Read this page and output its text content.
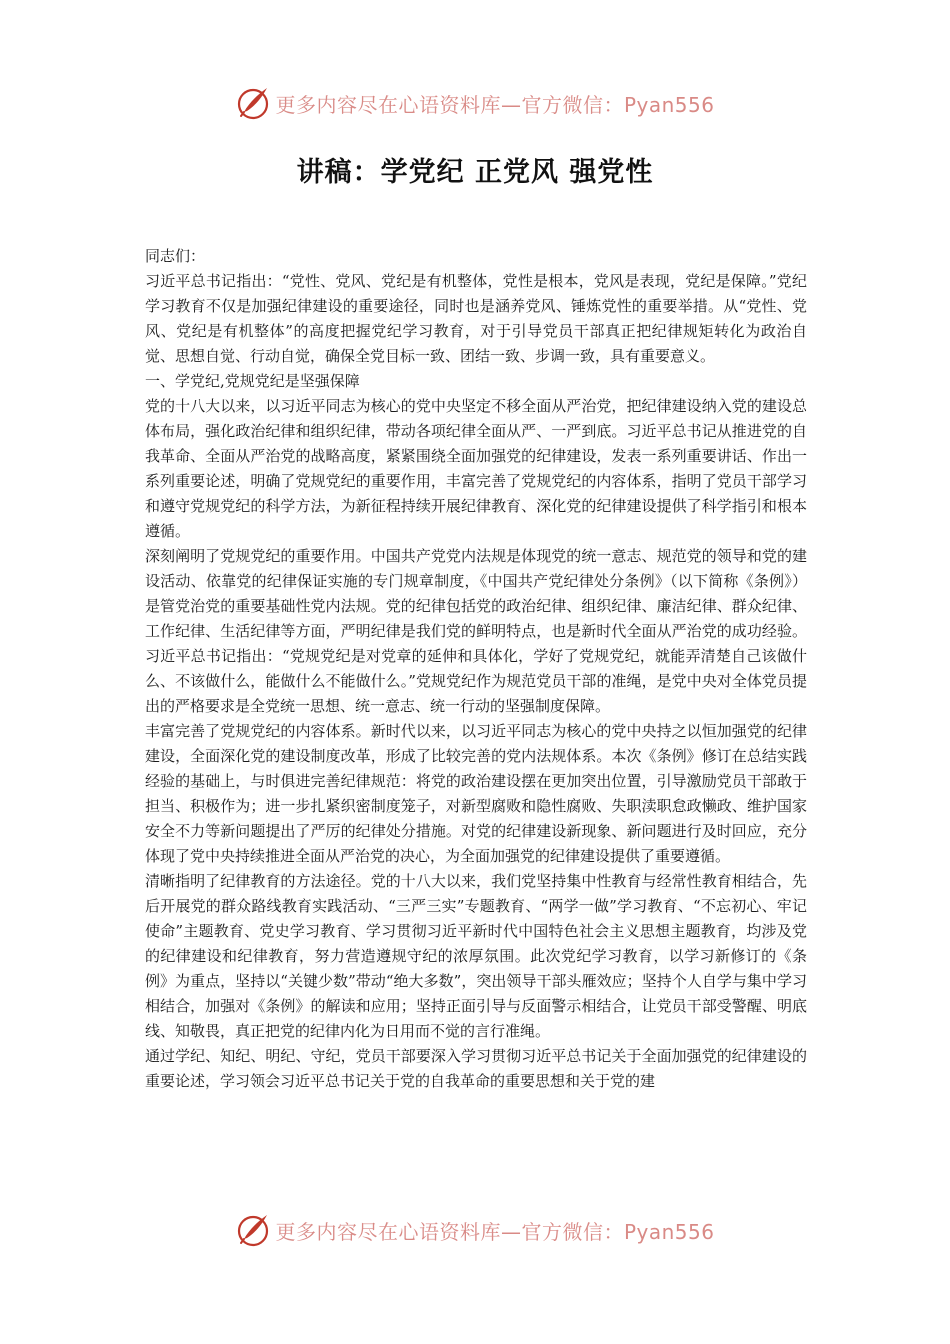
更多内容尽在心语资料库—官方微信：Pyan556
讲稿：学党纪 正党风 强党性

同志们：

习近平总书记指出：“党性、党风、党纪是有机整体，党性是根本，党风是表现，党纪是保障。”党纪学习教育不仅是加强纪律建设的重要途径，同时也是涵养党风、锤炼党性的重要举措。从“党性、党风、党纪是有机整体”的高度把握党纪学习教育，对于引导党员干部真正把纪律规矩转化为政治自觉、思想自觉、行动自觉，确保全党目标一致、团结一致、步调一致，具有重要意义。

一、学党纪,党规党纪是坚强保障

党的十八大以来，以习近平同志为核心的党中央坚定不移全面从严治党，把纪律建设纳入党的建设总体布局，强化政治纪律和组织纪律，带动各项纪律全面从严、一严到底。习近平总书记从推进党的自我革命、全面从严治党的战略高度，紧紧围绕全面加强党的纪律建设，发表一系列重要讲话、作出一系列重要论述，明确了党规党纪的重要作用，丰富完善了党规党纪的内容体系，指明了党员干部学习和遵守党规党纪的科学方法，为新征程持续开展纪律教育、深化党的纪律建设提供了科学指引和根本遵循。

深刻阐明了党规党纪的重要作用。中国共产党党内法规是体现党的统一意志、规范党的领导和党的建设活动、依靠党的纪律保证实施的专门规章制度，《中国共产党纪律处分条例》（以下简称《条例》）是管党治党的重要基础性党内法规。党的纪律包括党的政治纪律、组织纪律、廉洁纪律、群众纪律、工作纪律、生活纪律等方面，严明纪律是我们党的鲜明特点，也是新时代全面从严治党的成功经验。习近平总书记指出：“党规党纪是对党章的延伸和具体化，学好了党规党纪，就能弄清楚自己该做什么、不该做什么，能做什么不能做什么。”党规党纪作为规范党员干部的准绳，是党中央对全体党员提出的严格要求是全党统一思想、统一意志、统一行动的坚强制度保障。

丰富完善了党规党纪的内容体系。新时代以来，以习近平同志为核心的党中央持之以恒加强党的纪律建设，全面深化党的建设制度改革，形成了比较完善的党内法规体系。本次《条例》修订在总结实践经验的基础上，与时俱进完善纪律规范：将党的政治建设摆在更加突出位置，引导激励党员干部敢于担当、积极作为；进一步扎紧织密制度笼子，对新型腐败和隐性腐败、失职渎职怠政懒政、维护国家安全不力等新问题提出了严厉的纪律处分措施。对党的纪律建设新现象、新问题进行及时回应，充分体现了党中央持续推进全面从严治党的决心，为全面加强党的纪律建设提供了重要遵循。

清晰指明了纪律教育的方法途径。党的十八大以来，我们党坚持集中性教育与经常性教育相结合，先后开展党的群众路线教育实践活动、“三严三实”专题教育、“两学一做”学习教育、“不忘初心、牢记使命”主题教育、党史学习教育、学习贯彻习近平新时代中国特色社会主义思想主题教育，均涉及党的纪律建设和纪律教育，努力营造遵规守纪的浓厚氛围。此次党纪学习教育，以学习新修订的《条例》为重点，坚持以“关键少数”带动“绝大多数”，突出领导干部头雁效应；坚持个人自学与集中学习相结合，加强对《条例》的解读和应用；坚持正面引导与反面警示相结合，让党员干部受警醒、明底线、知敬畏，真正把党的纪律内化为日用而不觉的言行准绳。

通过学纪、知纪、明纪、守纪，党员干部要深入学习贯彻习近平总书记关于全面加强党的纪律建设的重要论述，学习领会习近平总书记关于党的自我革命的重要思想和关于党的建

更多内容尽在心语资料库—官方微信：Pyan556
